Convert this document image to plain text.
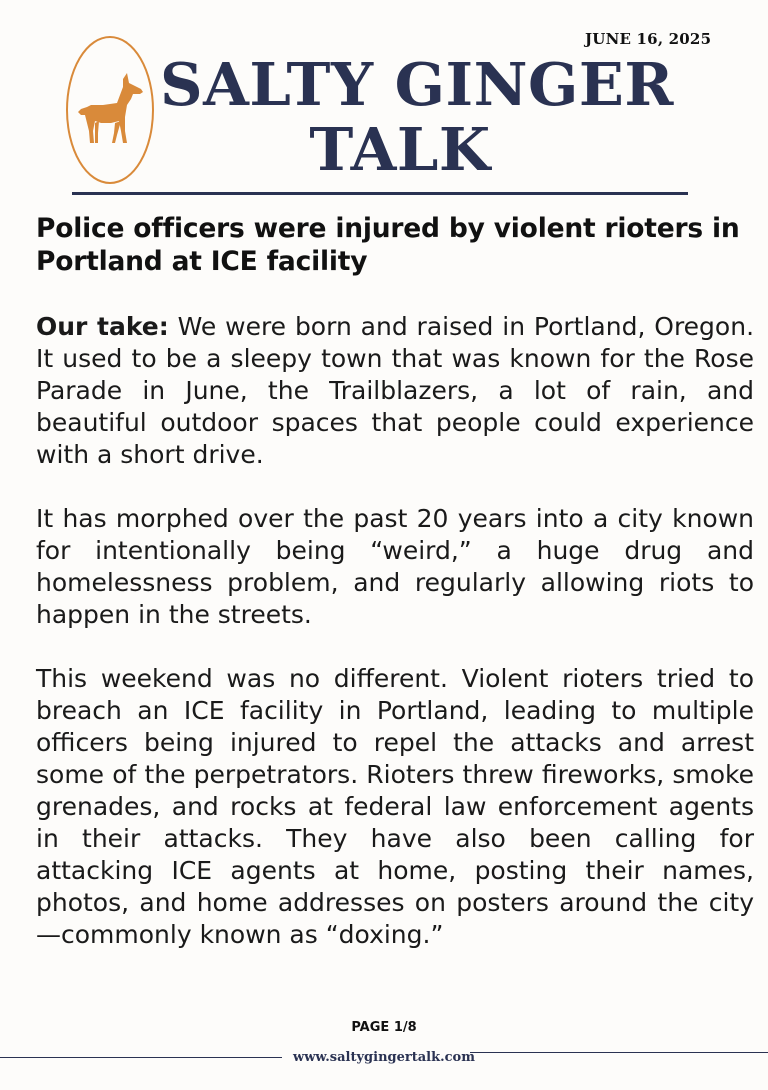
JUNE 16, 2025
SALTY GINGER
TALK
Police officers were injured by violent rioters in Portland at ICE facility

Our take: We were born and raised in Portland, Oregon. It used to be a sleepy town that was known for the Rose Parade in June, the Trailblazers, a lot of rain, and beautiful outdoor spaces that people could experience with a short drive.

It has morphed over the past 20 years into a city known for intentionally being “weird,” a huge drug and homelessness problem, and regularly allowing riots to happen in the streets.

This weekend was no different. Violent rioters tried to breach an ICE facility in Portland, leading to multiple officers being injured to repel the attacks and arrest some of the perpetrators. Rioters threw fireworks, smoke grenades, and rocks at federal law enforcement agents in their attacks. They have also been calling for attacking ICE agents at home, posting their names, photos, and home addresses on posters around the city—commonly known as “doxing.”

PAGE 1/8
www.saltygingertalk.com
